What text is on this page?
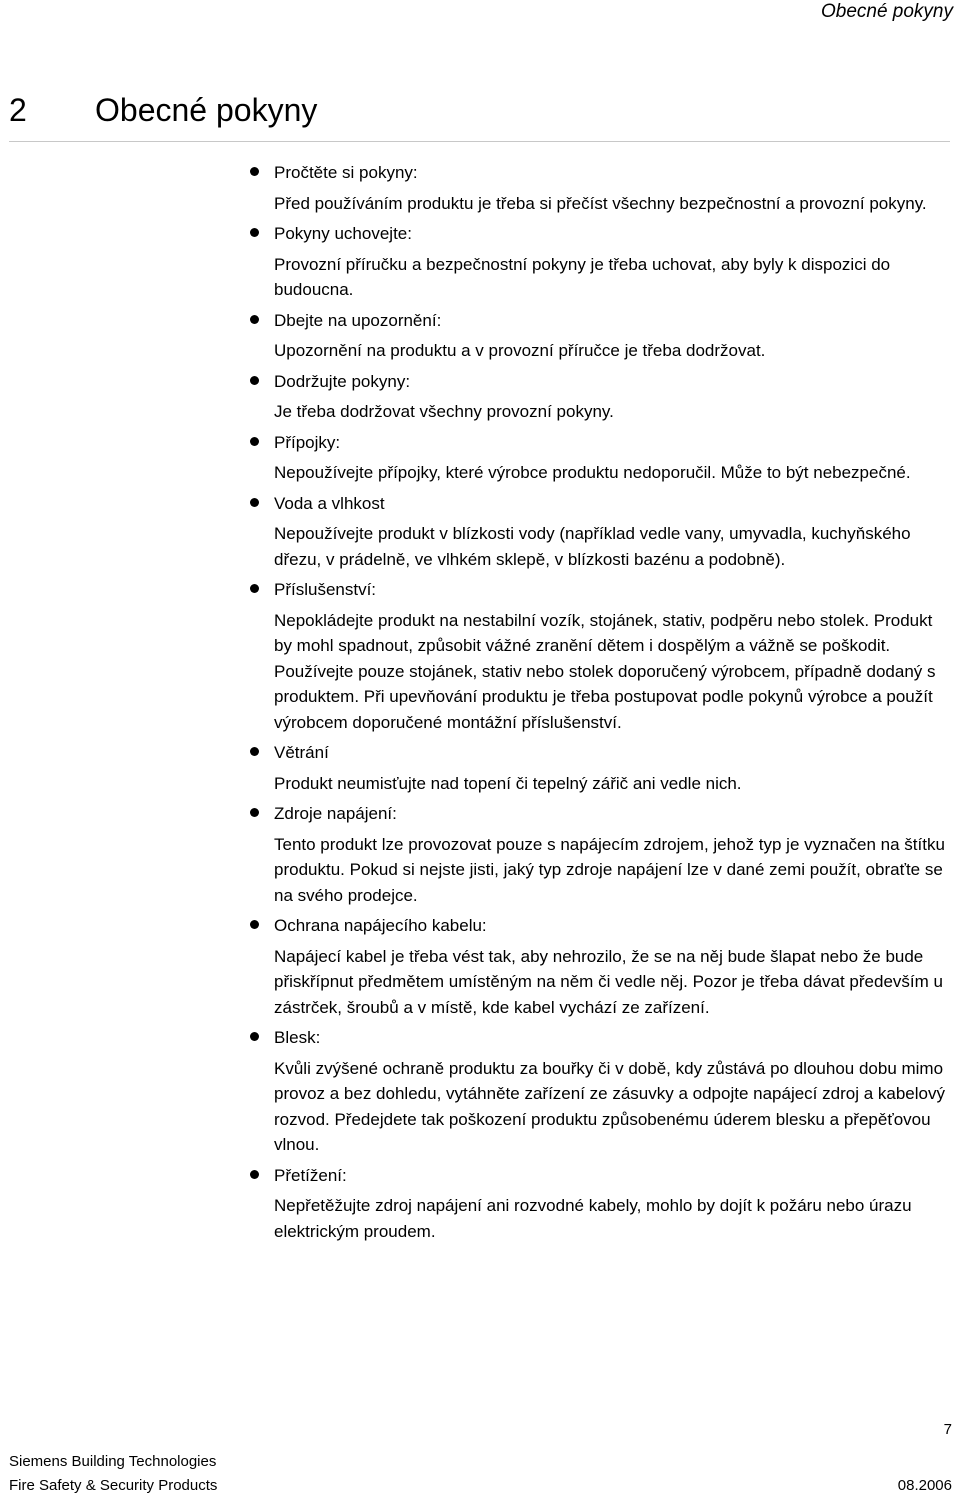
Obecné pokyny
2 Obecné pokyny

Pročtěte si pokyny:

Před používáním produktu je třeba si přečíst všechny bezpečnostní a provozní pokyny.

Pokyny uchovejte:

Provozní příručku a bezpečnostní pokyny je třeba uchovat, aby byly k dispozici do budoucna.

Dbejte na upozornění:

Upozornění na produktu a v provozní příručce je třeba dodržovat.

Dodržujte pokyny:

Je třeba dodržovat všechny provozní pokyny.

Přípojky:

Nepoužívejte přípojky, které výrobce produktu nedoporučil. Může to být nebezpečné.

Voda a vlhkost

Nepoužívejte produkt v blízkosti vody (například vedle vany, umyvadla, kuchyňského dřezu, v prádelně, ve vlhkém sklepě, v blízkosti bazénu a podobně).

Příslušenství:

Nepokládejte produkt na nestabilní vozík, stojánek, stativ, podpěru nebo stolek. Produkt by mohl spadnout, způsobit vážné zranění dětem i dospělým a vážně se poškodit. Používejte pouze stojánek, stativ nebo stolek doporučený výrobcem, případně dodaný s produktem. Při upevňování produktu je třeba postupovat podle pokynů výrobce a použít výrobcem doporučené montážní příslušenství.

Větrání

Produkt neumisťujte nad topení či tepelný zářič ani vedle nich.

Zdroje napájení:

Tento produkt lze provozovat pouze s napájecím zdrojem, jehož typ je vyznačen na štítku produktu. Pokud si nejste jisti, jaký typ zdroje napájení lze v dané zemi použít, obraťte se na svého prodejce.

Ochrana napájecího kabelu:

Napájecí kabel je třeba vést tak, aby nehrozilo, že se na něj bude šlapat nebo že bude přiskřípnut předmětem umístěným na něm či vedle něj. Pozor je třeba dávat především u zástrček, šroubů a v místě, kde kabel vychází ze zařízení.

Blesk:

Kvůli zvýšené ochraně produktu za bouřky či v době, kdy zůstává po dlouhou dobu mimo provoz a bez dohledu, vytáhněte zařízení ze zásuvky a odpojte napájecí zdroj a kabelový rozvod. Předejdete tak poškození produktu způsobenému úderem blesku a přepěťovou vlnou.

Přetížení:

Nepřetěžujte zdroj napájení ani rozvodné kabely, mohlo by dojít k požáru nebo úrazu elektrickým proudem.

7
Siemens Building Technologies
Fire Safety & Security Products	08.2006
